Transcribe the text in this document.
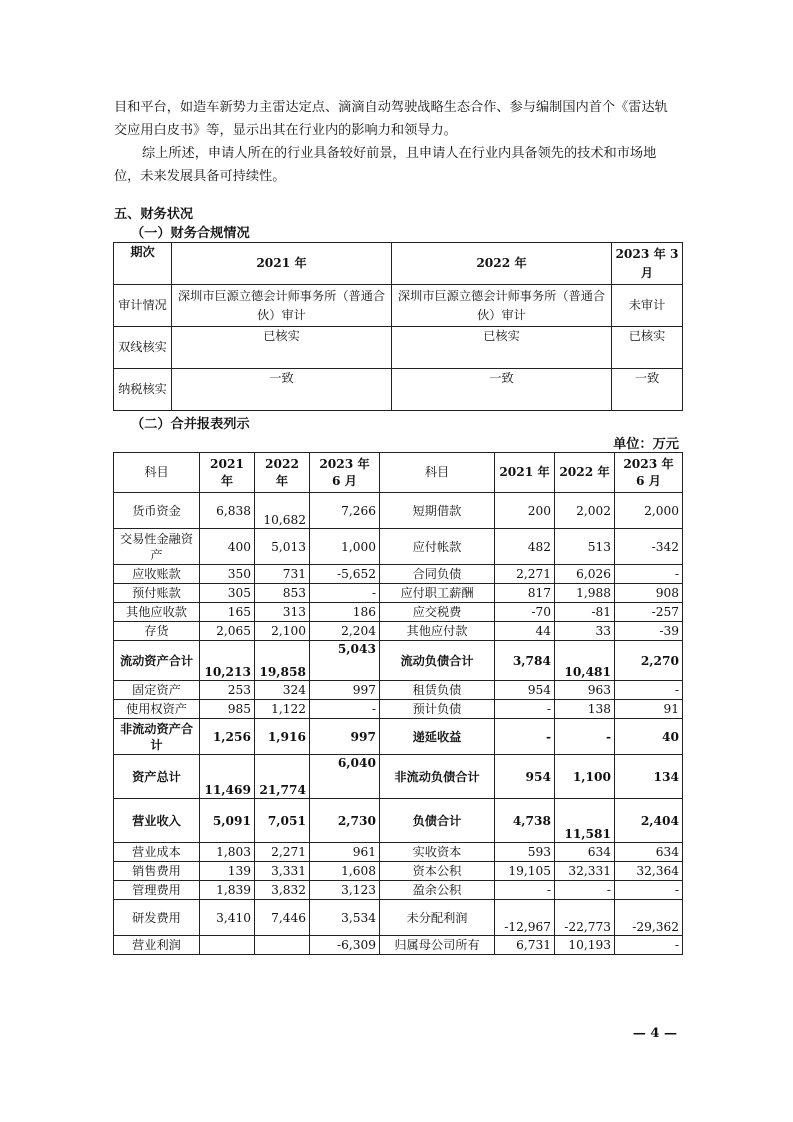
目和平台，如造车新势力主雷达定点、滴滴自动驾驶战略生态合作、参与编制国内首个《雷达轨交应用白皮书》等，显示出其在行业内的影响力和领导力。

综上所述，申请人所在的行业具备较好前景，且申请人在行业内具备领先的技术和市场地位，未来发展具备可持续性。

五、财务状况

（一）财务合规情况

期次	2021 年	2022 年	2023 年 3 月
审计情况	深圳市巨源立德会计师事务所（普通合伙）审计	深圳市巨源立德会计师事务所（普通合伙）审计	未审计
双线核实	已核实	已核实	已核实
纳税核实	一致	一致	一致

（二）合并报表列示

单位：万元
科目	2021 年	2022 年	2023 年 6 月	科目	2021 年	2022 年	2023 年 6 月
货币资金	6,838	10,682	7,266	短期借款	200	2,002	2,000
交易性金融资产	400	5,013	1,000	应付帐款	482	513	-342
应收账款	350	731	-5,652	合同负债	2,271	6,026	-
预付账款	305	853	-	应付职工薪酬	817	1,988	908
其他应收款	165	313	186	应交税费	-70	-81	-257
存货	2,065	2,100	2,204	其他应付款	44	33	-39
流动资产合计	10,213	19,858	5,043	流动负债合计	3,784	10,481	2,270
固定资产	253	324	997	租赁负债	954	963	-
使用权资产	985	1,122	-	预计负债	-	138	91
非流动资产合计	1,256	1,916	997	递延收益	-	-	40
资产总计	11,469	21,774	6,040	非流动负债合计	954	1,100	134
营业收入	5,091	7,051	2,730	负债合计	4,738	11,581	2,404
营业成本	1,803	2,271	961	实收资本	593	634	634
销售费用	139	3,331	1,608	资本公积	19,105	32,331	32,364
管理费用	1,839	3,832	3,123	盈余公积	-	-	-
研发费用	3,410	7,446	3,534	未分配利润	-12,967	-22,773	-29,362
营业利润			-6,309	归属母公司所有	6,731	10,193	-
— 4 —
